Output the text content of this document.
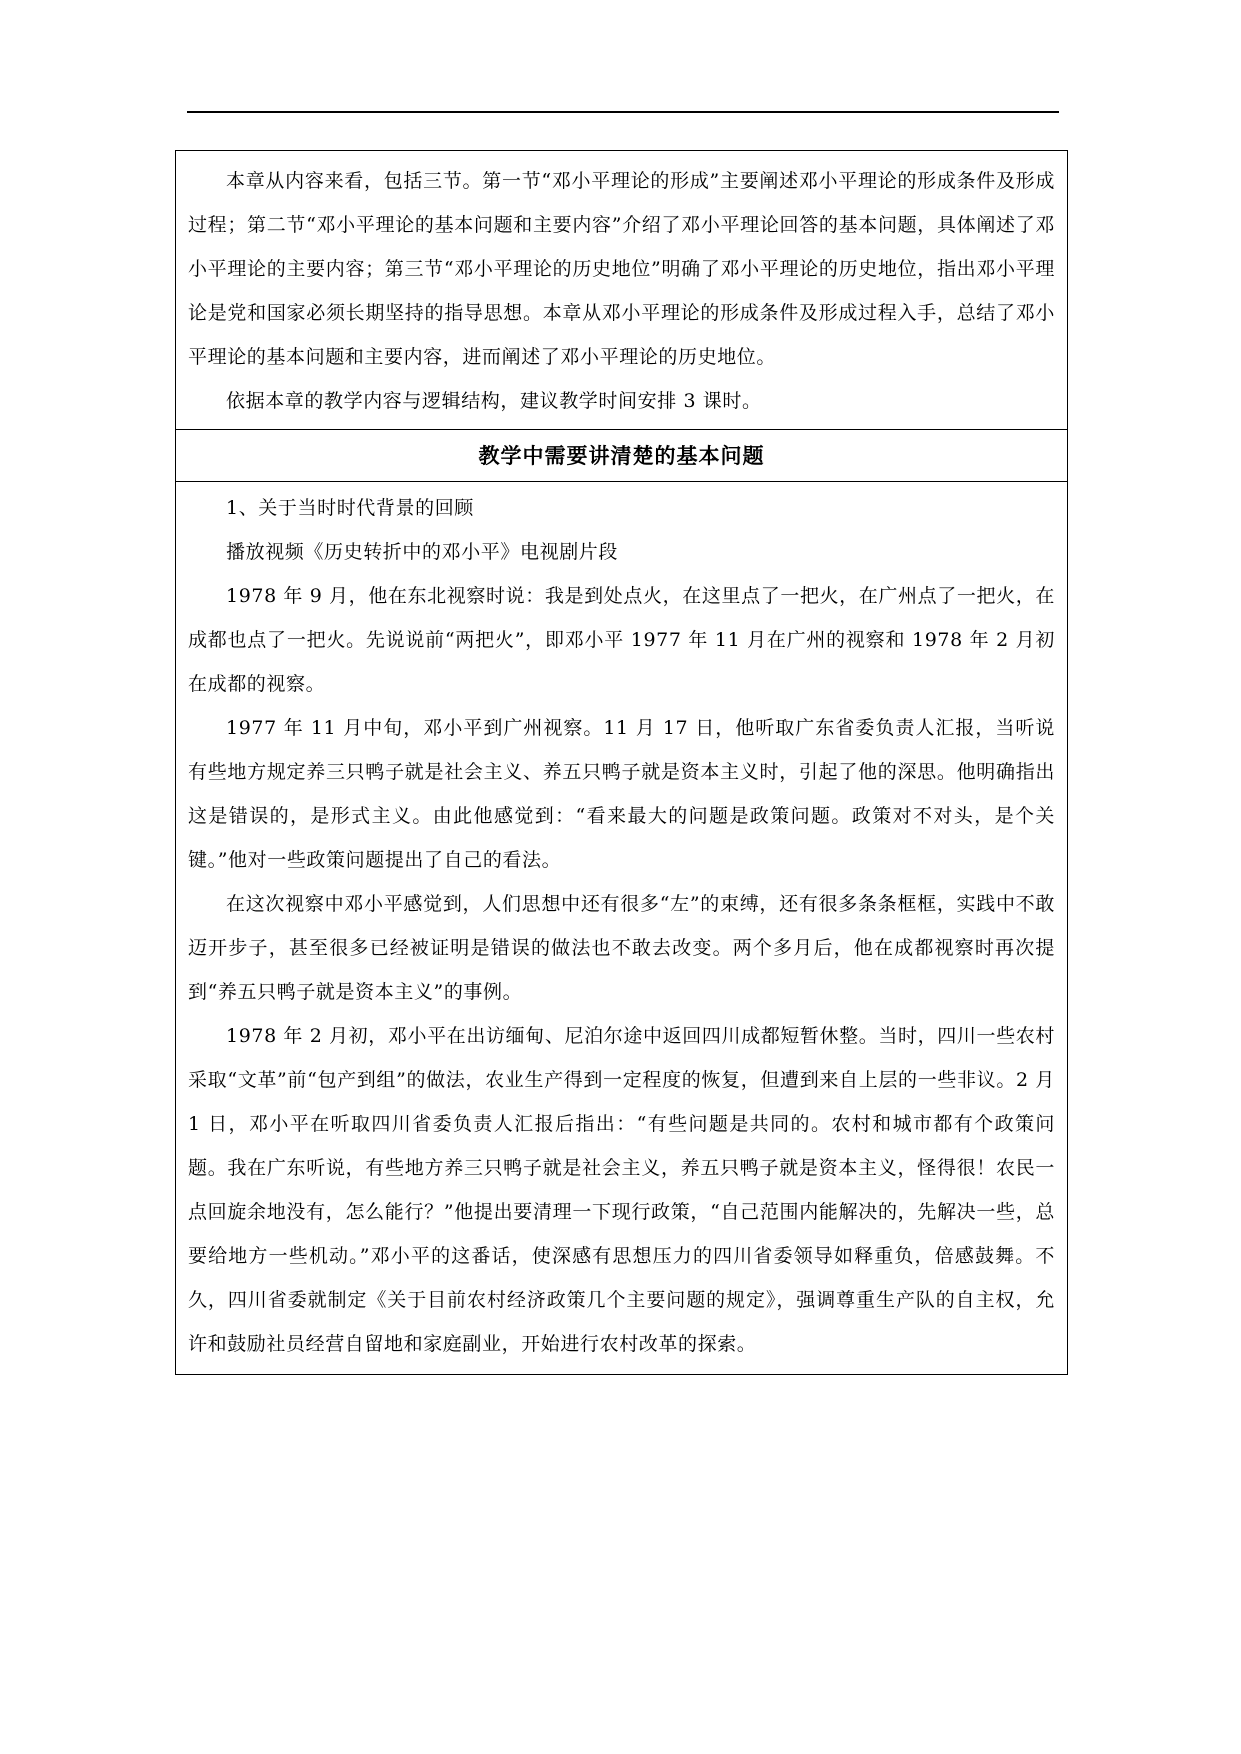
本章从内容来看，包括三节。第一节“邓小平理论的形成”主要阐述邓小平理论的形成条件及形成过程；第二节“邓小平理论的基本问题和主要内容”介绍了邓小平理论回答的基本问题，具体阐述了邓小平理论的主要内容；第三节“邓小平理论的历史地位”明确了邓小平理论的历史地位，指出邓小平理论是党和国家必须长期坚持的指导思想。本章从邓小平理论的形成条件及形成过程入手，总结了邓小平理论的基本问题和主要内容，进而阐述了邓小平理论的历史地位。

依据本章的教学内容与逻辑结构，建议教学时间安排 3 课时。

教学中需要讲清楚的基本问题

1、关于当时时代背景的回顾

播放视频《历史转折中的邓小平》电视剧片段

1978 年 9 月，他在东北视察时说：我是到处点火，在这里点了一把火，在广州点了一把火，在成都也点了一把火。先说说前“两把火”，即邓小平 1977 年 11 月在广州的视察和 1978 年 2 月初在成都的视察。

1977 年 11 月中旬，邓小平到广州视察。11 月 17 日，他听取广东省委负责人汇报，当听说有些地方规定养三只鸭子就是社会主义、养五只鸭子就是资本主义时，引起了他的深思。他明确指出这是错误的，是形式主义。由此他感觉到：“看来最大的问题是政策问题。政策对不对头，是个关键。”他对一些政策问题提出了自己的看法。

在这次视察中邓小平感觉到，人们思想中还有很多“左”的束缚，还有很多条条框框，实践中不敢迈开步子，甚至很多已经被证明是错误的做法也不敢去改变。两个多月后，他在成都视察时再次提到“养五只鸭子就是资本主义”的事例。

1978 年 2 月初，邓小平在出访缅甸、尼泊尔途中返回四川成都短暂休整。当时，四川一些农村采取“文革”前“包产到组”的做法，农业生产得到一定程度的恢复，但遭到来自上层的一些非议。2 月 1 日，邓小平在听取四川省委负责人汇报后指出：“有些问题是共同的。农村和城市都有个政策问题。我在广东听说，有些地方养三只鸭子就是社会主义，养五只鸭子就是资本主义，怪得很！农民一点回旋余地没有，怎么能行？”他提出要清理一下现行政策，“自己范围内能解决的，先解决一些，总要给地方一些机动。”邓小平的这番话，使深感有思想压力的四川省委领导如释重负，倍感鼓舞。不久，四川省委就制定《关于目前农村经济政策几个主要问题的规定》，强调尊重生产队的自主权，允许和鼓励社员经营自留地和家庭副业，开始进行农村改革的探索。
